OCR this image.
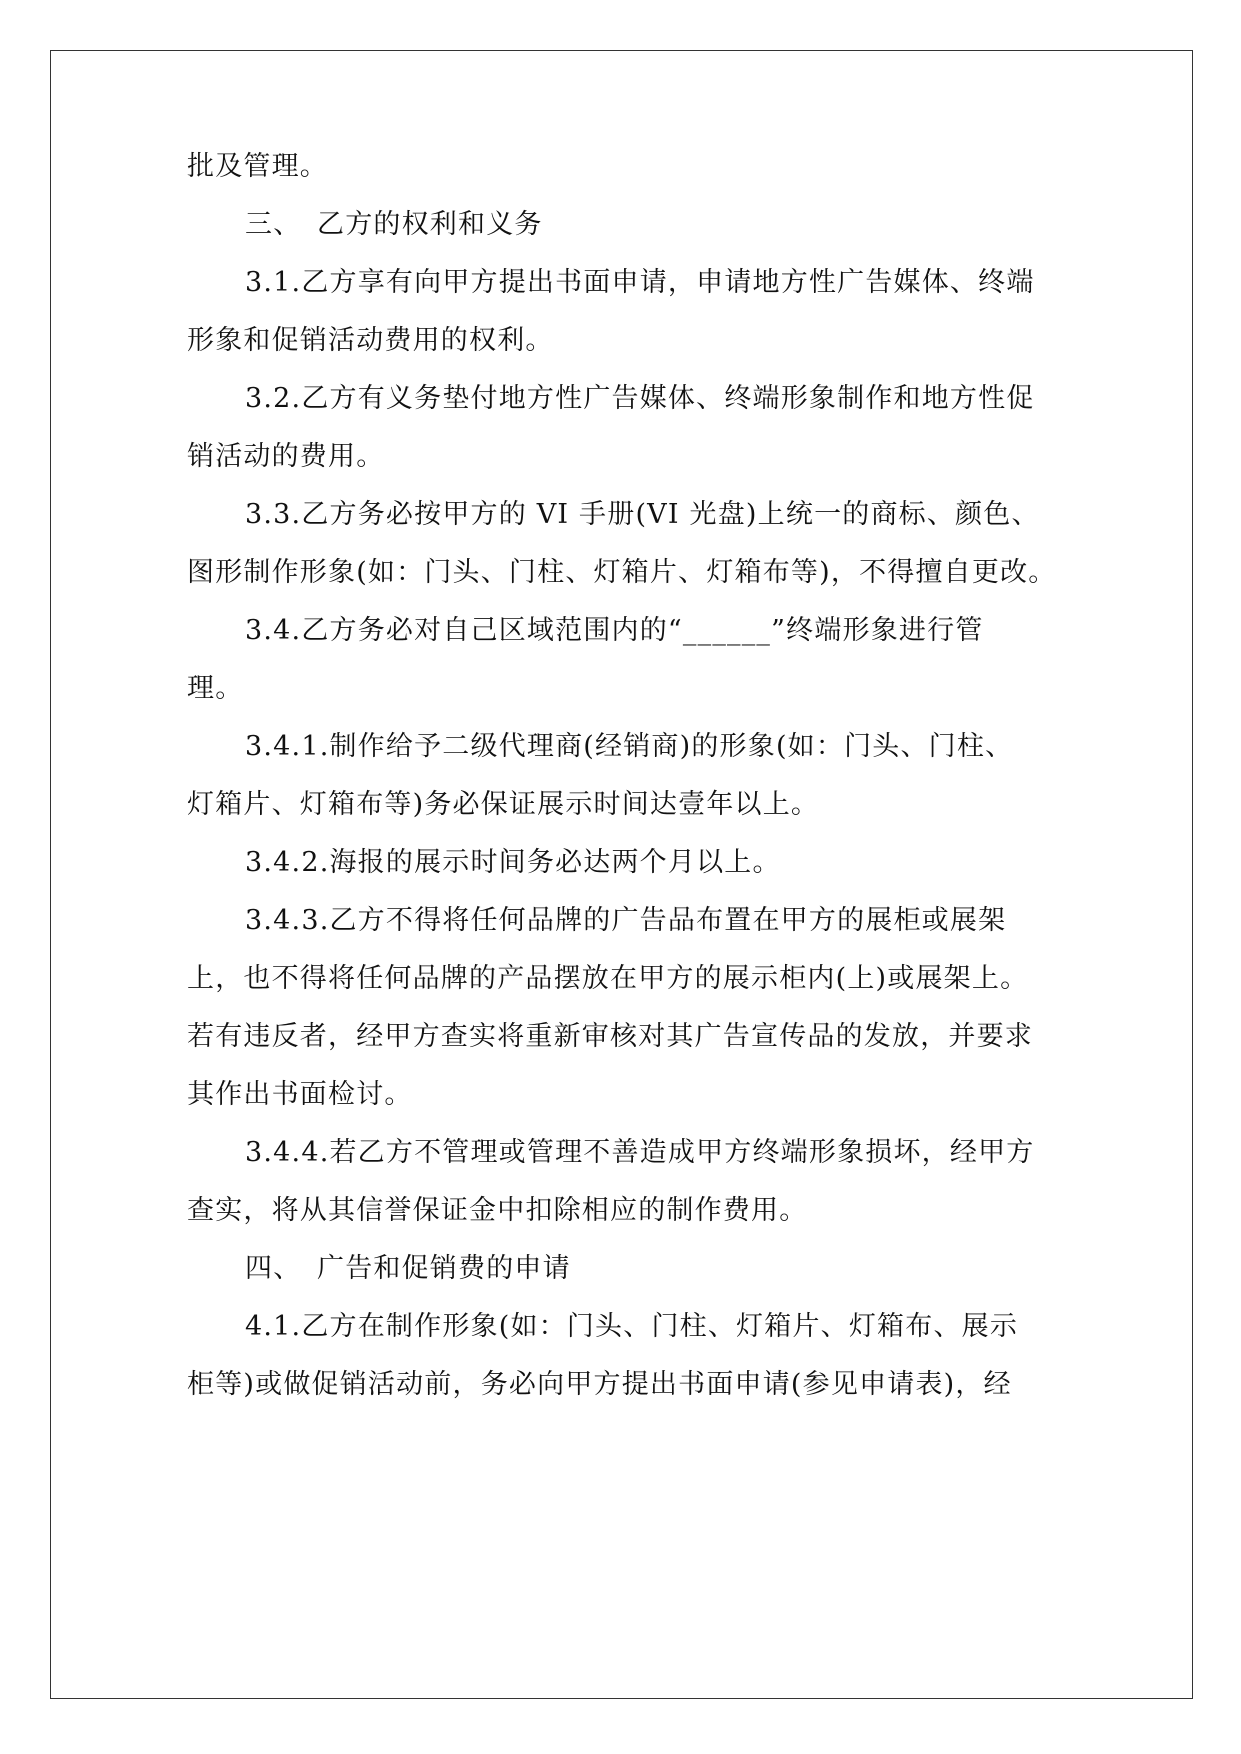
批及管理。
三、 乙方的权利和义务
3.1.乙方享有向甲方提出书面申请，申请地方性广告媒体、终端
形象和促销活动费用的权利。
3.2.乙方有义务垫付地方性广告媒体、终端形象制作和地方性促
销活动的费用。
3.3.乙方务必按甲方的 VI 手册(VI 光盘)上统一的商标、颜色、
图形制作形象(如：门头、门柱、灯箱片、灯箱布等)，不得擅自更改。
3.4.乙方务必对自己区域范围内的“______”终端形象进行管
理。
3.4.1.制作给予二级代理商(经销商)的形象(如：门头、门柱、
灯箱片、灯箱布等)务必保证展示时间达壹年以上。
3.4.2.海报的展示时间务必达两个月以上。
3.4.3.乙方不得将任何品牌的广告品布置在甲方的展柜或展架
上，也不得将任何品牌的产品摆放在甲方的展示柜内(上)或展架上。
若有违反者，经甲方查实将重新审核对其广告宣传品的发放，并要求
其作出书面检讨。
3.4.4.若乙方不管理或管理不善造成甲方终端形象损坏，经甲方
查实，将从其信誉保证金中扣除相应的制作费用。
四、 广告和促销费的申请
4.1.乙方在制作形象(如：门头、门柱、灯箱片、灯箱布、展示
柜等)或做促销活动前，务必向甲方提出书面申请(参见申请表)，经
